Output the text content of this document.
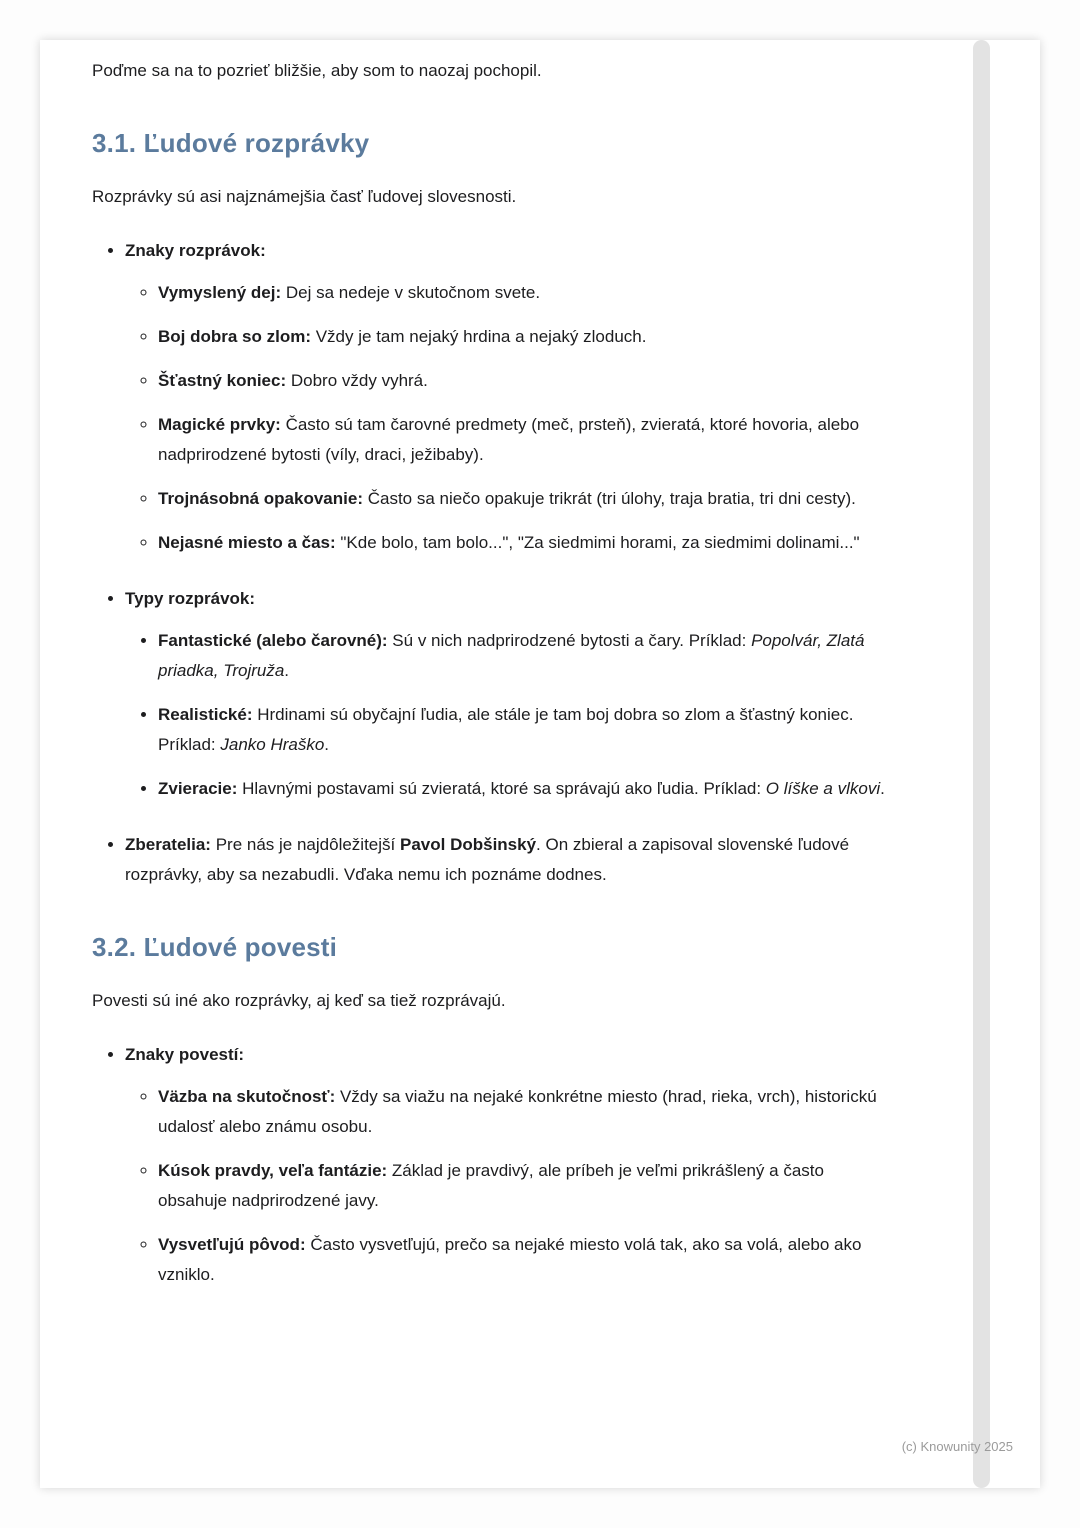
Poďme sa na to pozrieť bližšie, aby som to naozaj pochopil.

3.1. Ľudové rozprávky

Rozprávky sú asi najznámejšia časť ľudovej slovesnosti.

• Znaky rozprávok:
◦ Vymyslený dej: Dej sa nedeje v skutočnom svete.
◦ Boj dobra so zlom: Vždy je tam nejaký hrdina a nejaký zloduch.
◦ Šťastný koniec: Dobro vždy vyhrá.
◦ Magické prvky: Často sú tam čarovné predmety (meč, prsteň), zvieratá, ktoré hovoria, alebo nadprirodzené bytosti (víly, draci, ježibaby).
◦ Trojnásobná opakovanie: Často sa niečo opakuje trikrát (tri úlohy, traja bratia, tri dni cesty).
◦ Nejasné miesto a čas: "Kde bolo, tam bolo...", "Za siedmimi horami, za siedmimi dolinami..."
• Typy rozprávok:
• Fantastické (alebo čarovné): Sú v nich nadprirodzené bytosti a čary. Príklad: Popolvár, Zlatá priadka, Trojruža.
• Realistické: Hrdinami sú obyčajní ľudia, ale stále je tam boj dobra so zlom a šťastný koniec. Príklad: Janko Hraško.
• Zvieracie: Hlavnými postavami sú zvieratá, ktoré sa správajú ako ľudia. Príklad: O líške a vlkovi.
• Zberatelia: Pre nás je najdôležitejší Pavol Dobšinský. On zbieral a zapisoval slovenské ľudové rozprávky, aby sa nezabudli. Vďaka nemu ich poznáme dodnes.
3.2. Ľudové povesti

Povesti sú iné ako rozprávky, aj keď sa tiež rozprávajú.

• Znaky povestí:
◦ Väzba na skutočnosť: Vždy sa viažu na nejaké konkrétne miesto (hrad, rieka, vrch), historickú udalosť alebo známu osobu.
◦ Kúsok pravdy, veľa fantázie: Základ je pravdivý, ale príbeh je veľmi prikrášlený a často obsahuje nadprirodzené javy.
◦ Vysvetľujú pôvod: Často vysvetľujú, prečo sa nejaké miesto volá tak, ako sa volá, alebo ako vzniklo.
(c) Knowunity 2025
